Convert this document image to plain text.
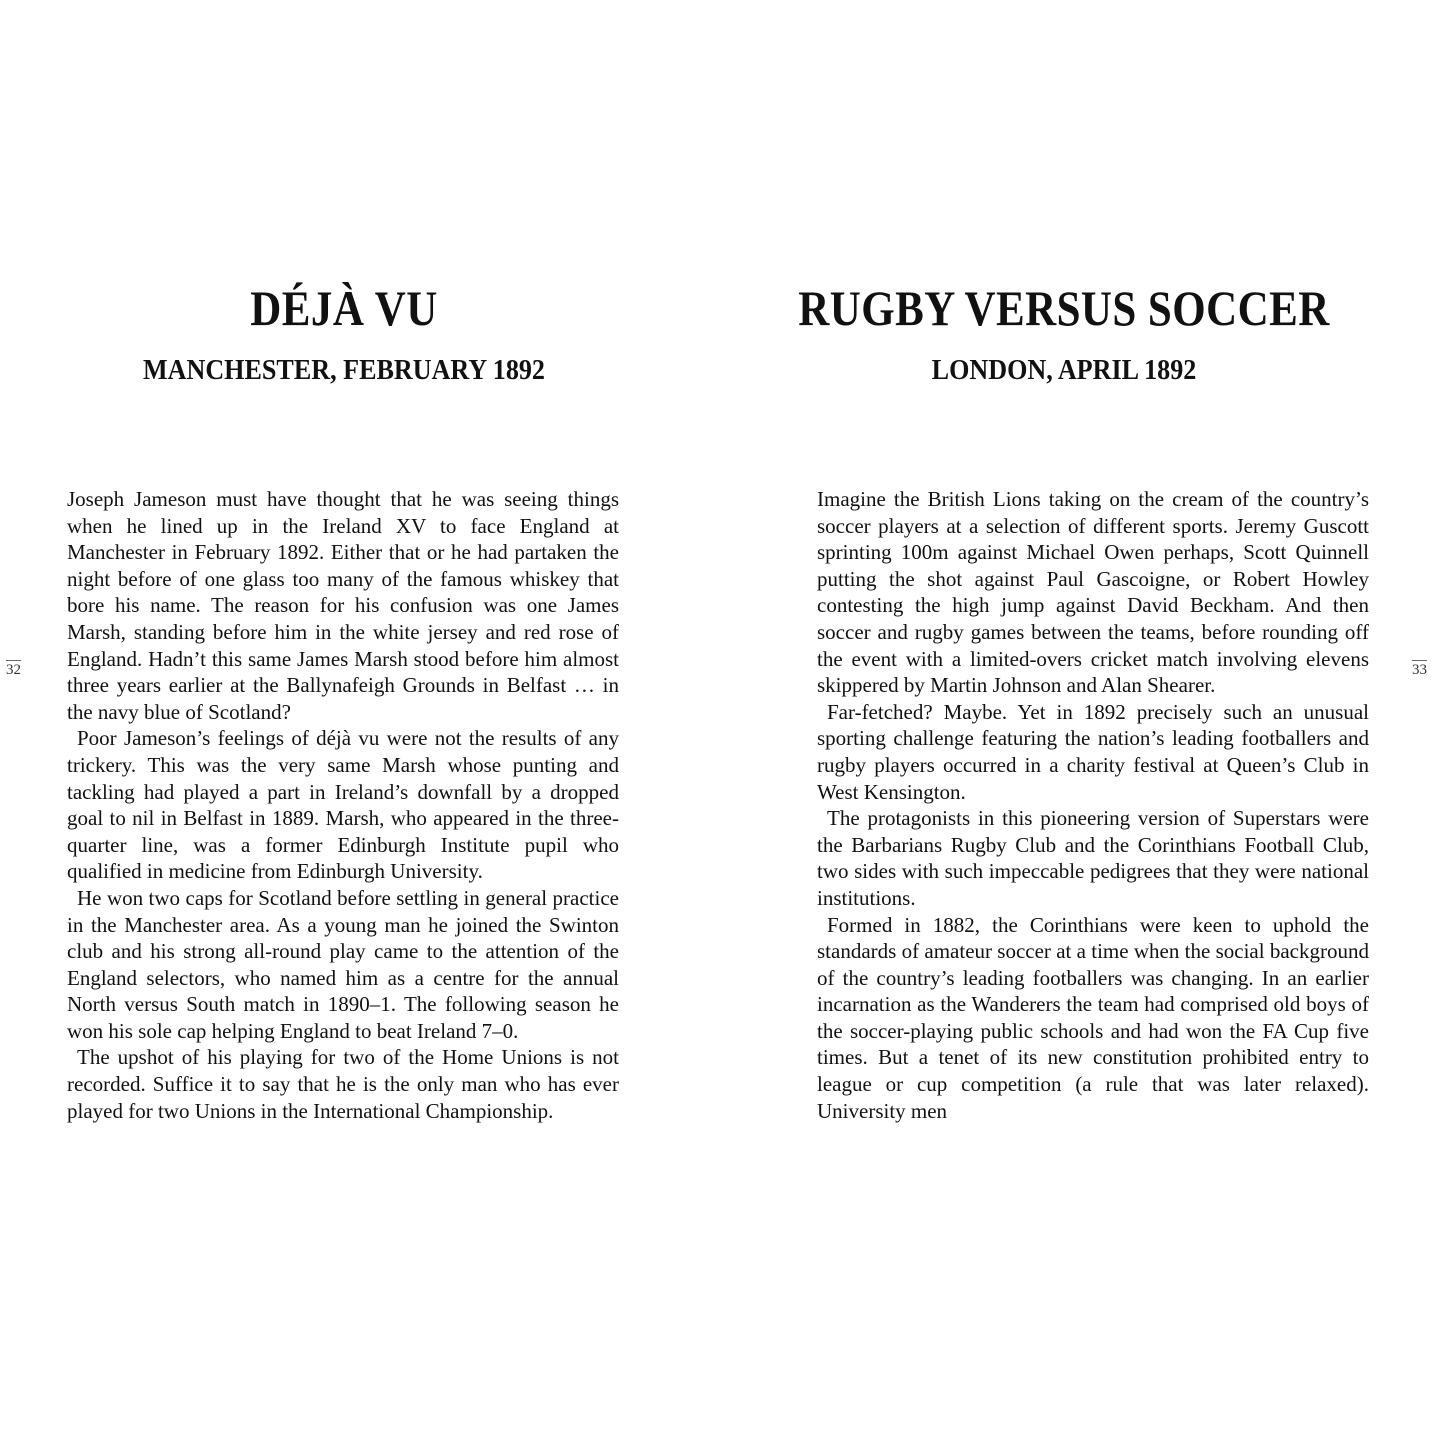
DÉJÀ VU
MANCHESTER, FEBRUARY 1892
32

Joseph Jameson must have thought that he was seeing things when he lined up in the Ireland XV to face England at Manchester in February 1892. Either that or he had partaken the night before of one glass too many of the famous whiskey that bore his name. The reason for his confusion was one James Marsh, standing before him in the white jersey and red rose of England. Hadn’t this same James Marsh stood before him almost three years earlier at the Ballynafeigh Grounds in Belfast … in the navy blue of Scotland?

Poor Jameson’s feelings of déjà vu were not the results of any trickery. This was the very same Marsh whose punting and tackling had played a part in Ireland’s downfall by a dropped goal to nil in Belfast in 1889. Marsh, who appeared in the three-quarter line, was a former Edinburgh Institute pupil who qualified in medicine from Edinburgh University.

He won two caps for Scotland before settling in general practice in the Manchester area. As a young man he joined the Swinton club and his strong all-round play came to the attention of the England selectors, who named him as a centre for the annual North versus South match in 1890–1. The following season he won his sole cap helping England to beat Ireland 7–0.

The upshot of his playing for two of the Home Unions is not recorded. Suffice it to say that he is the only man who has ever played for two Unions in the International Championship.

RUGBY VERSUS SOCCER
LONDON, APRIL 1892
33

Imagine the British Lions taking on the cream of the country’s soccer players at a selection of different sports. Jeremy Guscott sprinting 100m against Michael Owen perhaps, Scott Quinnell putting the shot against Paul Gascoigne, or Robert Howley contesting the high jump against David Beckham. And then soccer and rugby games between the teams, before rounding off the event with a limited-overs cricket match involving elevens skippered by Martin Johnson and Alan Shearer.

Far-fetched? Maybe. Yet in 1892 precisely such an unusual sporting challenge featuring the nation’s leading footballers and rugby players occurred in a charity festival at Queen’s Club in West Kensington.

The protagonists in this pioneering version of Superstars were the Barbarians Rugby Club and the Corinthians Football Club, two sides with such impeccable pedigrees that they were national institutions.

Formed in 1882, the Corinthians were keen to uphold the standards of amateur soccer at a time when the social background of the country’s leading footballers was changing. In an earlier incarnation as the Wanderers the team had comprised old boys of the soccer-playing public schools and had won the FA Cup five times. But a tenet of its new constitution prohibited entry to league or cup competition (a rule that was later relaxed). University men
